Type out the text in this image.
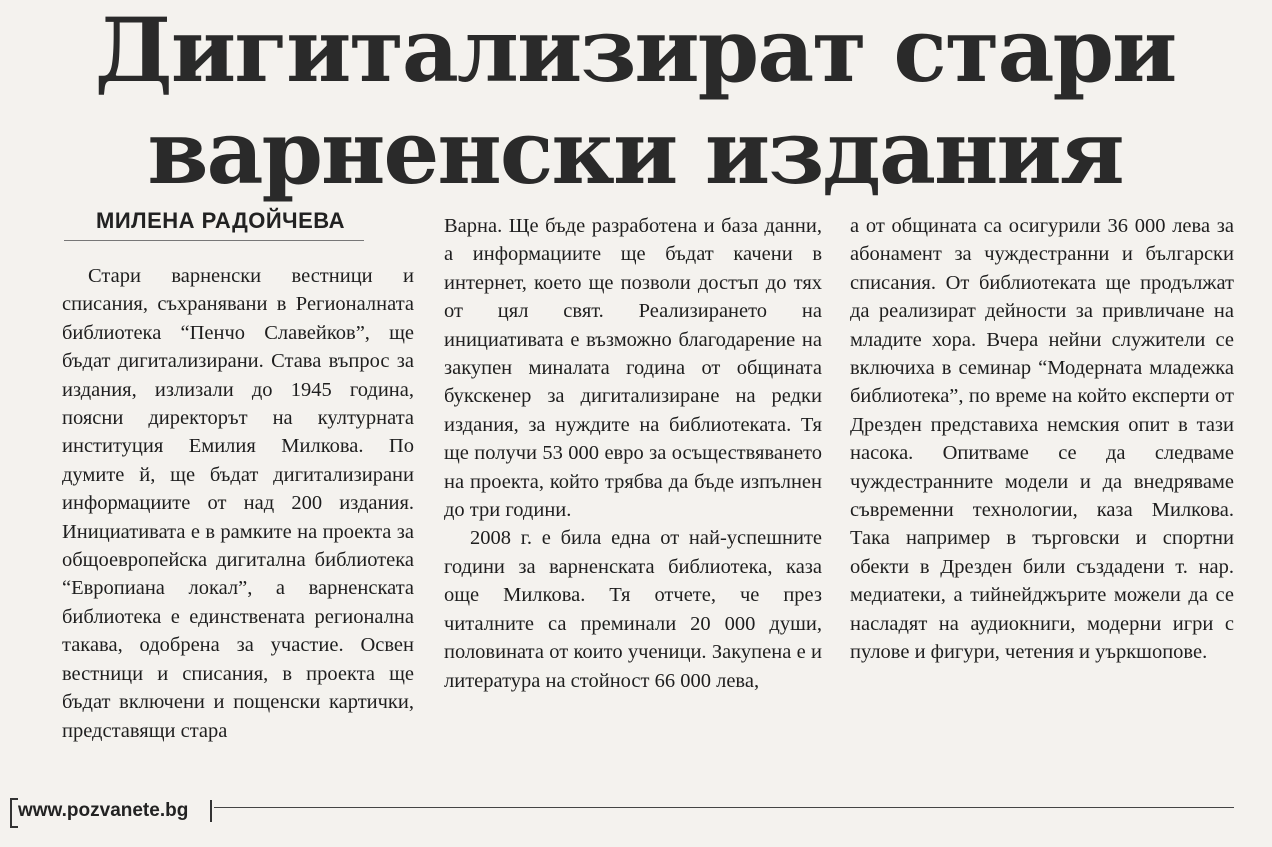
Дигитализират стари
варненски издания
МИЛЕНА РАДОЙЧЕВА

Стари варненски вестници и списания, съхранявани в Регионалната библиотека “Пенчо Славейков”, ще бъдат дигитализирани. Става въпрос за издания, излизали до 1945 година, поясни директорът на културната институция Емилия Милкова. По думите й, ще бъдат дигитализирани информациите от над 200 издания. Инициативата е в рамките на проекта за общоевропейска дигитална библиотека “Европиана локал”, а варненската библиотека е единствената регионална такава, одобрена за участие. Освен вестници и списания, в проекта ще бъдат включени и пощенски картички, представящи стара

Варна. Ще бъде разработена и база данни, а информациите ще бъдат качени в интернет, което ще позволи достъп до тях от цял свят. Реализирането на инициативата е възможно благодарение на закупен миналата година от общината букскенер за дигитализиране на редки издания, за нуждите на библиотеката. Тя ще получи 53 000 евро за осъществяването на проекта, който трябва да бъде изпълнен до три години.

2008 г. е била една от най-успешните години за варненската библиотека, каза още Милкова. Тя отчете, че през читалните са преминали 20 000 души, половината от които ученици. Закупена е и литература на стойност 66 000 лева,

а от общината са осигурили 36 000 лева за абонамент за чуждестранни и български списания. От библиотеката ще продължат да реализират дейности за привличане на младите хора. Вчера нейни служители се включиха в семинар “Модерната младежка библиотека”, по време на който експерти от Дрезден представиха немския опит в тази насока. Опитваме се да следваме чуждестранните модели и да внедряваме съвременни технологии, каза Милкова. Така например в търговски и спортни обекти в Дрезден били създадени т. нар. медиатеки, а тийнейджърите можели да се насладят на аудиокниги, модерни игри с пулове и фигури, четения и уъркшопове.

www.pozvanete.bg
